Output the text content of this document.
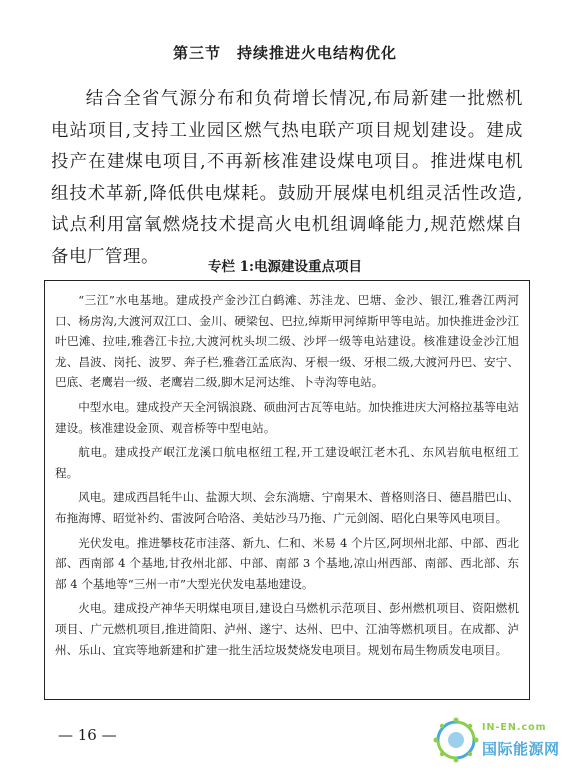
第三节　持续推进火电结构优化

结合全省气源分布和负荷增长情况,布局新建一批燃机电站项目,支持工业园区燃气热电联产项目规划建设。建成投产在建煤电项目,不再新核准建设煤电项目。推进煤电机组技术革新,降低供电煤耗。鼓励开展煤电机组灵活性改造,试点利用富氧燃烧技术提高火电机组调峰能力,规范燃煤自备电厂管理。

专栏 1:电源建设重点项目

“三江”水电基地。建成投产金沙江白鹤滩、苏洼龙、巴塘、金沙、银江,雅砻江两河口、杨房沟,大渡河双江口、金川、硬梁包、巴拉,绰斯甲河绰斯甲等电站。加快推进金沙江叶巴滩、拉哇,雅砻江卡拉,大渡河枕头坝二级、沙坪一级等电站建设。核准建设金沙江旭龙、昌波、岗托、波罗、奔子栏,雅砻江孟底沟、牙根一级、牙根二级,大渡河丹巴、安宁、巴底、老鹰岩一级、老鹰岩二级,脚木足河达维、卜寺沟等电站。

中型水电。建成投产天全河锅浪跷、硕曲河古瓦等电站。加快推进庆大河格拉基等电站建设。核准建设金顶、观音桥等中型电站。

航电。建成投产岷江龙溪口航电枢纽工程,开工建设岷江老木孔、东风岩航电枢纽工程。

风电。建成西昌牦牛山、盐源大坝、会东淌塘、宁南果木、普格则洛日、德昌腊巴山、布拖海博、昭觉补约、雷波阿合哈洛、美姑沙马乃拖、广元剑阁、昭化白果等风电项目。

光伏发电。推进攀枝花市洼落、新九、仁和、米易 4 个片区,阿坝州北部、中部、西北部、西南部 4 个基地,甘孜州北部、中部、南部 3 个基地,凉山州西部、南部、西北部、东部 4 个基地等“三州一市”大型光伏发电基地建设。

火电。建成投产神华天明煤电项目,建设白马燃机示范项目、彭州燃机项目、资阳燃机项目、广元燃机项目,推进简阳、泸州、遂宁、达州、巴中、江油等燃机项目。在成都、泸州、乐山、宜宾等地新建和扩建一批生活垃圾焚烧发电项目。规划布局生物质发电项目。

— 16 —	IN-EN.com
国际能源网
